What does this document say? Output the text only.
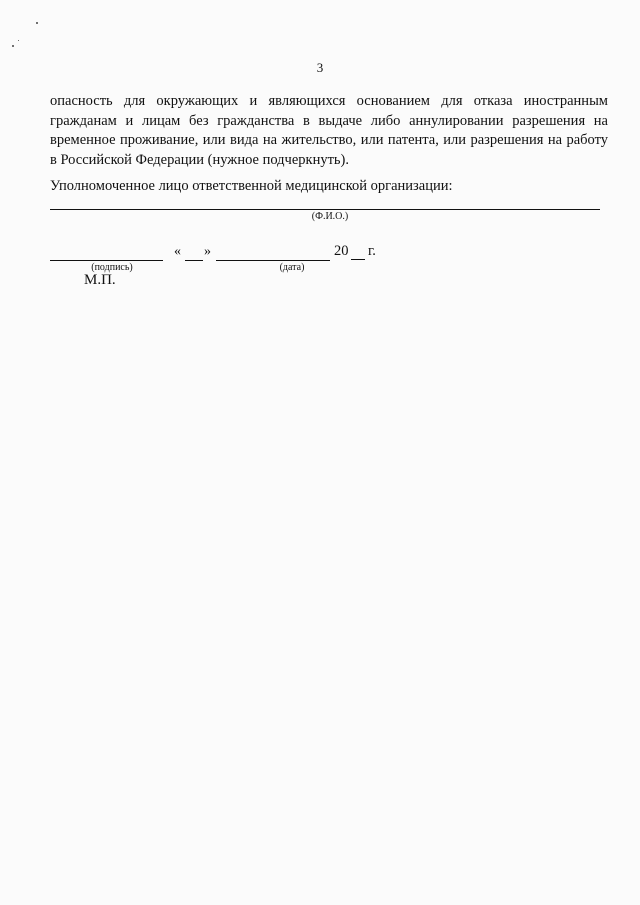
3
опасность для окружающих и являющихся основанием для отказа иностранным гражданам и лицам без гражданства в выдаче либо аннулировании разрешения на временное проживание, или вида на жительство, или патента, или разрешения на работу в Российской Федерации (нужное подчеркнуть).
Уполномоченное лицо ответственной медицинской организации:
(Ф.И.О.)
(подпись)
« »
(дата)
20 г.
М.П.
